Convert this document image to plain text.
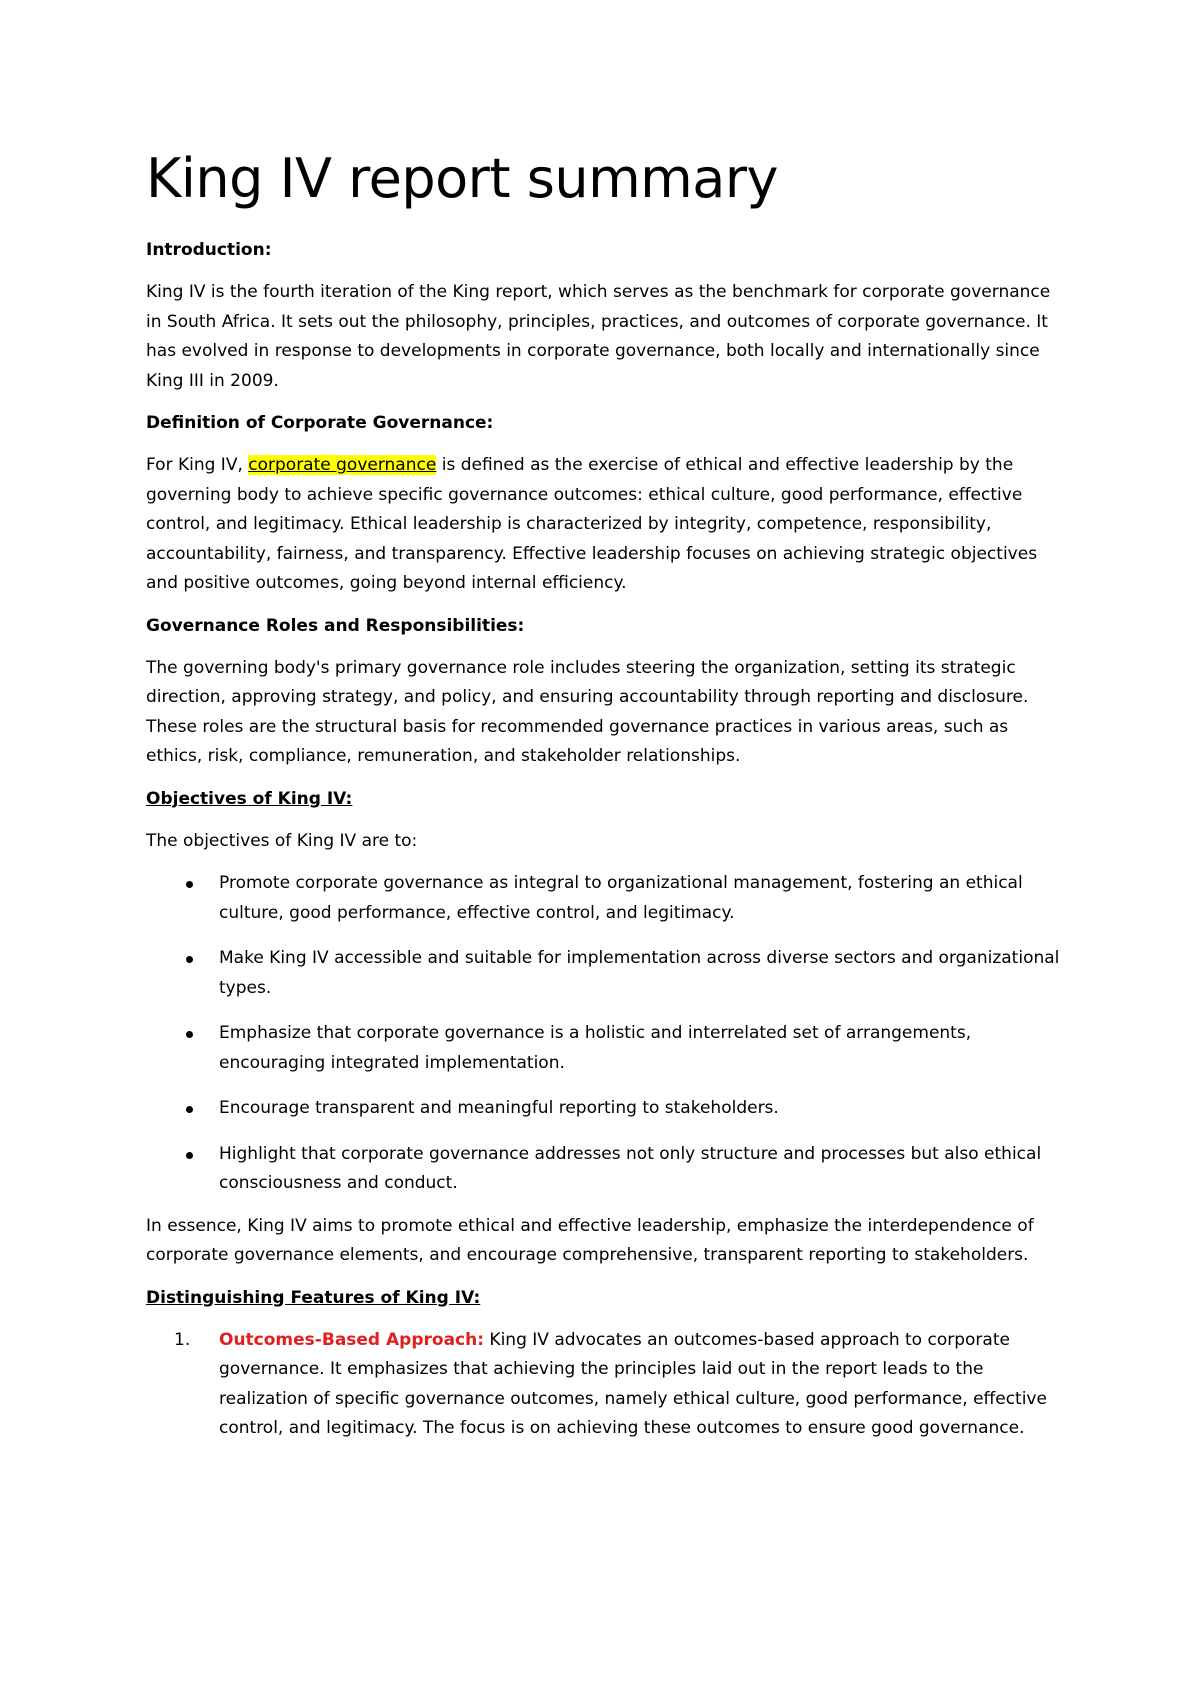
King IV report summary

Introduction:

King IV is the fourth iteration of the King report, which serves as the benchmark for corporate governance in South Africa. It sets out the philosophy, principles, practices, and outcomes of corporate governance. It has evolved in response to developments in corporate governance, both locally and internationally since King III in 2009.

Definition of Corporate Governance:

For King IV, corporate governance is defined as the exercise of ethical and effective leadership by the governing body to achieve specific governance outcomes: ethical culture, good performance, effective control, and legitimacy. Ethical leadership is characterized by integrity, competence, responsibility, accountability, fairness, and transparency. Effective leadership focuses on achieving strategic objectives and positive outcomes, going beyond internal efficiency.

Governance Roles and Responsibilities:

The governing body's primary governance role includes steering the organization, setting its strategic direction, approving strategy, and policy, and ensuring accountability through reporting and disclosure. These roles are the structural basis for recommended governance practices in various areas, such as ethics, risk, compliance, remuneration, and stakeholder relationships.

Objectives of King IV:

The objectives of King IV are to:

Promote corporate governance as integral to organizational management, fostering an ethical culture, good performance, effective control, and legitimacy.
Make King IV accessible and suitable for implementation across diverse sectors and organizational types.
Emphasize that corporate governance is a holistic and interrelated set of arrangements, encouraging integrated implementation.
Encourage transparent and meaningful reporting to stakeholders.
Highlight that corporate governance addresses not only structure and processes but also ethical consciousness and conduct.

In essence, King IV aims to promote ethical and effective leadership, emphasize the interdependence of corporate governance elements, and encourage comprehensive, transparent reporting to stakeholders.

Distinguishing Features of King IV:

1. Outcomes-Based Approach: King IV advocates an outcomes-based approach to corporate governance. It emphasizes that achieving the principles laid out in the report leads to the realization of specific governance outcomes, namely ethical culture, good performance, effective control, and legitimacy. The focus is on achieving these outcomes to ensure good governance.
